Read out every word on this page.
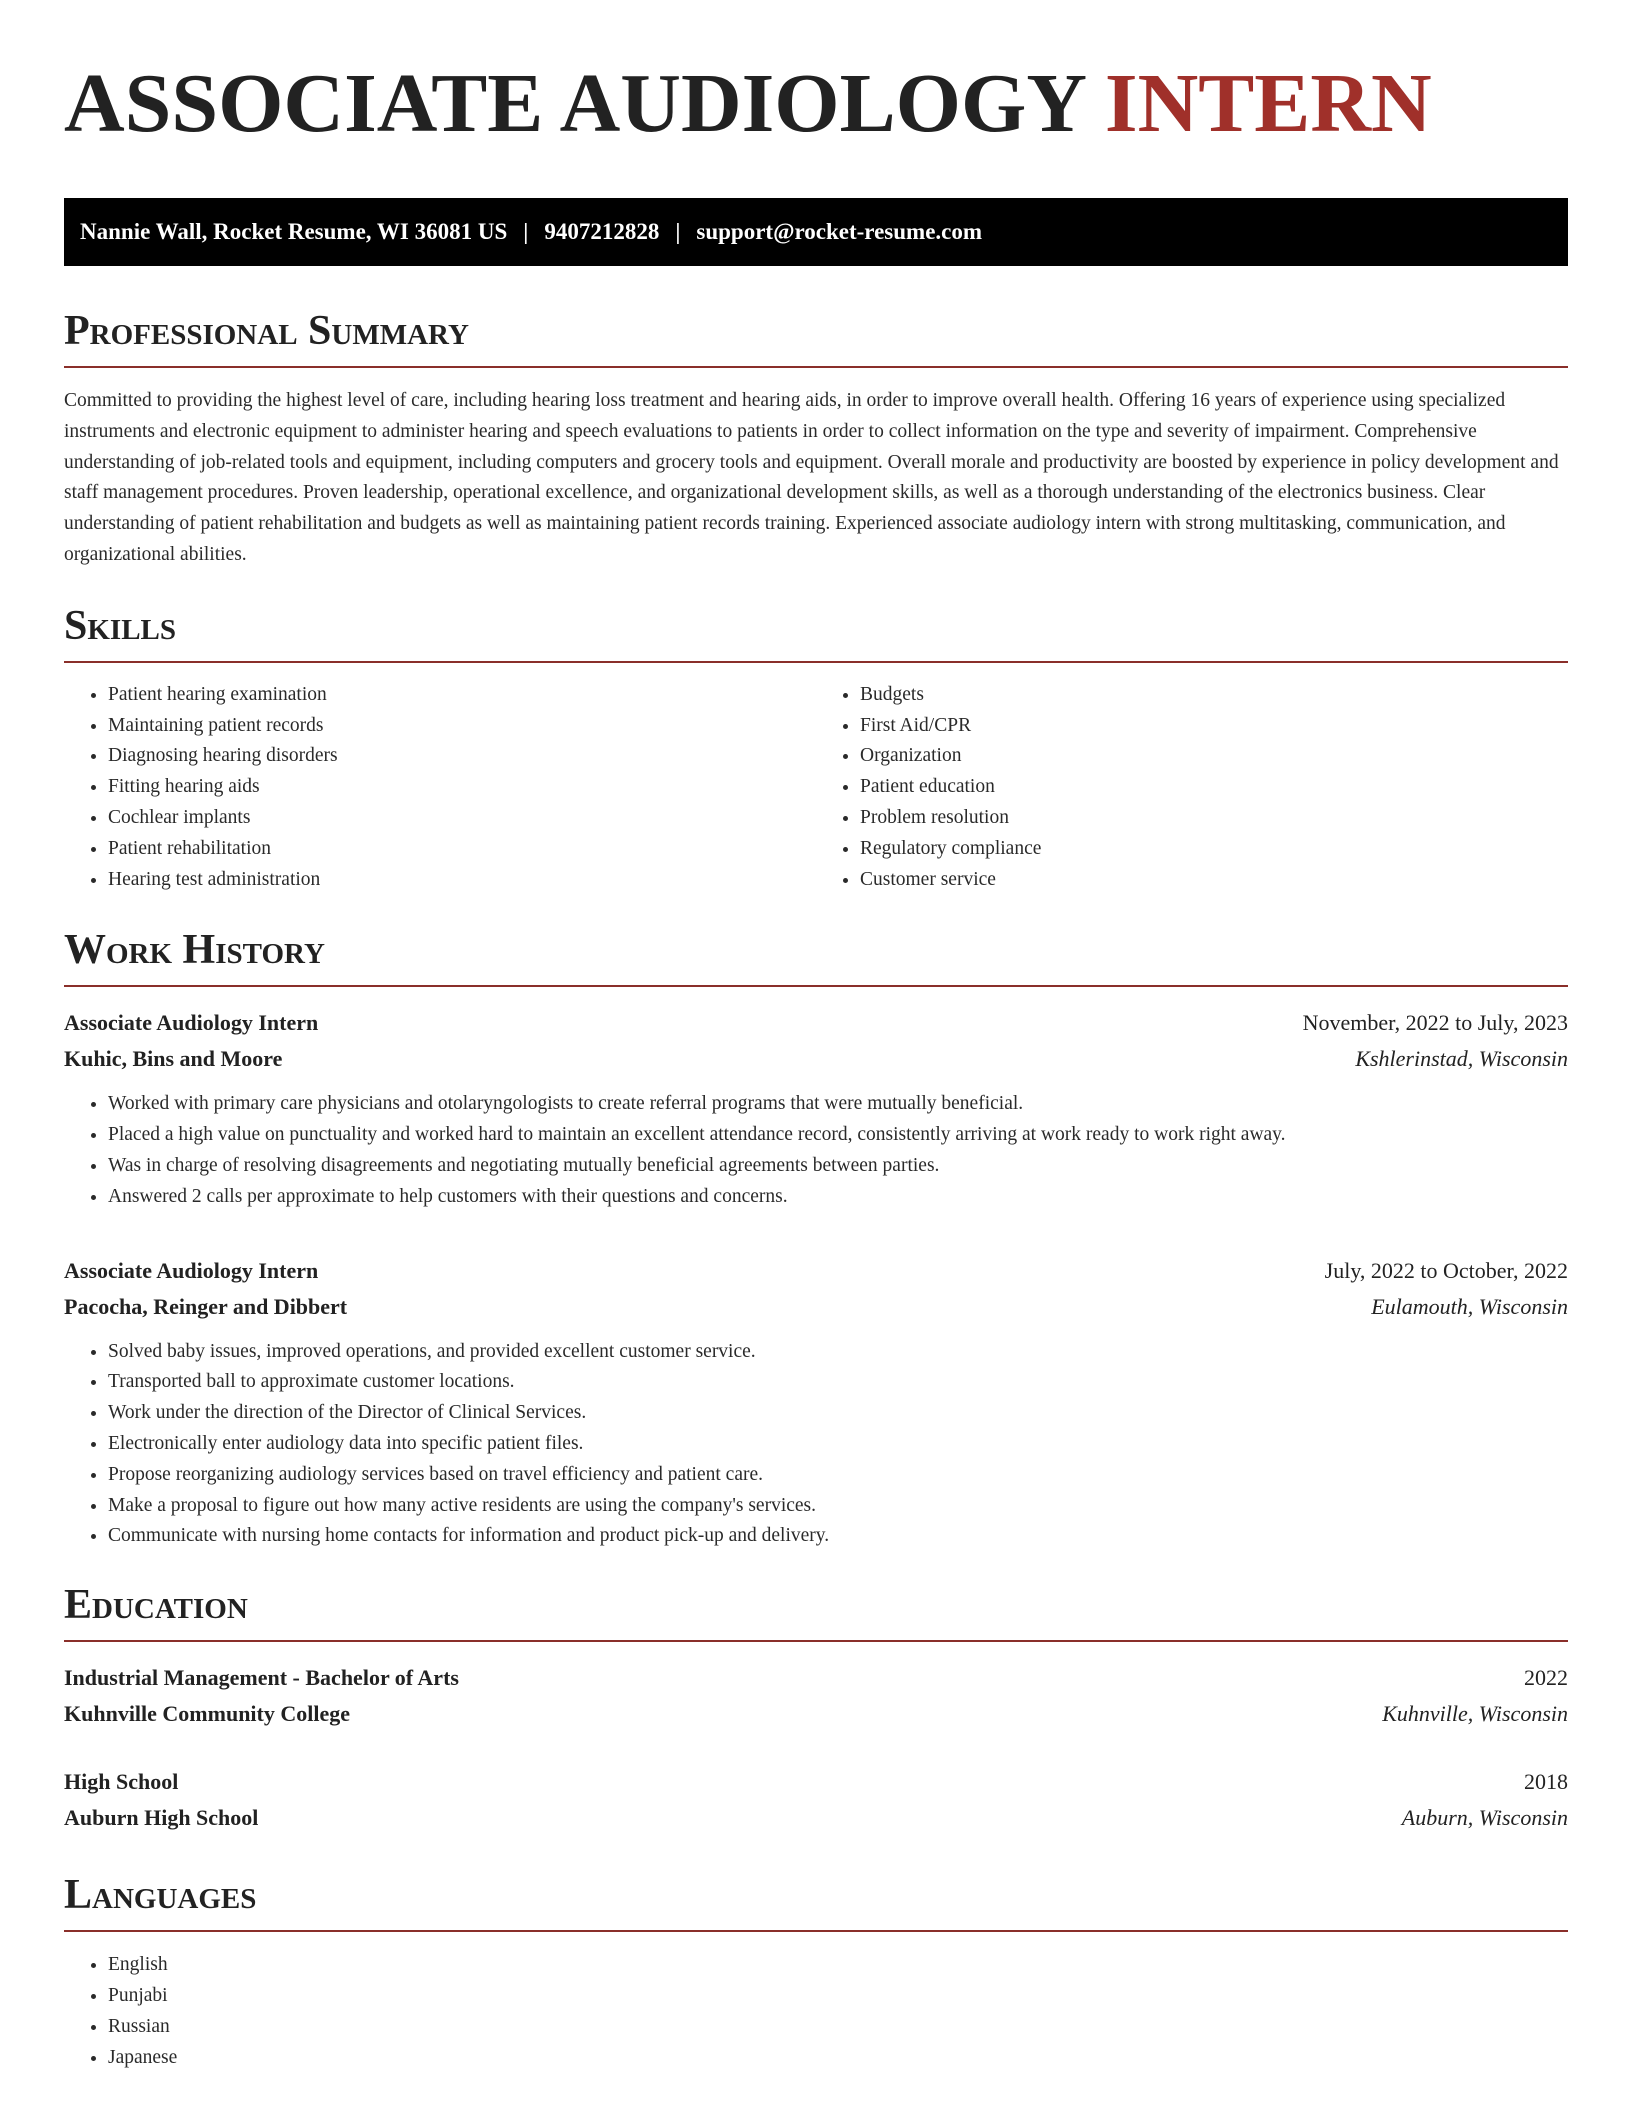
ASSOCIATE AUDIOLOGY INTERN
Nannie Wall, Rocket Resume, WI 36081 US | 9407212828 | support@rocket-resume.com
Professional Summary

Committed to providing the highest level of care, including hearing loss treatment and hearing aids, in order to improve overall health. Offering 16 years of experience using specialized instruments and electronic equipment to administer hearing and speech evaluations to patients in order to collect information on the type and severity of impairment. Comprehensive understanding of job-related tools and equipment, including computers and grocery tools and equipment. Overall morale and productivity are boosted by experience in policy development and staff management procedures. Proven leadership, operational excellence, and organizational development skills, as well as a thorough understanding of the electronics business. Clear understanding of patient rehabilitation and budgets as well as maintaining patient records training. Experienced associate audiology intern with strong multitasking, communication, and organizational abilities.

Skills
• Patient hearing examination
• Maintaining patient records
• Diagnosing hearing disorders
• Fitting hearing aids
• Cochlear implants
• Patient rehabilitation
• Hearing test administration
• Budgets
• First Aid/CPR
• Organization
• Patient education
• Problem resolution
• Regulatory compliance
• Customer service
Work History
Associate Audiology Intern	November, 2022 to July, 2023
Kuhic, Bins and Moore	Kshlerinstad, Wisconsin
• Worked with primary care physicians and otolaryngologists to create referral programs that were mutually beneficial.
• Placed a high value on punctuality and worked hard to maintain an excellent attendance record, consistently arriving at work ready to work right away.
• Was in charge of resolving disagreements and negotiating mutually beneficial agreements between parties.
• Answered 2 calls per approximate to help customers with their questions and concerns.
Associate Audiology Intern	July, 2022 to October, 2022
Pacocha, Reinger and Dibbert	Eulamouth, Wisconsin
• Solved baby issues, improved operations, and provided excellent customer service.
• Transported ball to approximate customer locations.
• Work under the direction of the Director of Clinical Services.
• Electronically enter audiology data into specific patient files.
• Propose reorganizing audiology services based on travel efficiency and patient care.
• Make a proposal to figure out how many active residents are using the company's services.
• Communicate with nursing home contacts for information and product pick-up and delivery.
Education
Industrial Management - Bachelor of Arts	2022
Kuhnville Community College	Kuhnville, Wisconsin
High School	2018
Auburn High School	Auburn, Wisconsin
Languages
• English
• Punjabi
• Russian
• Japanese
